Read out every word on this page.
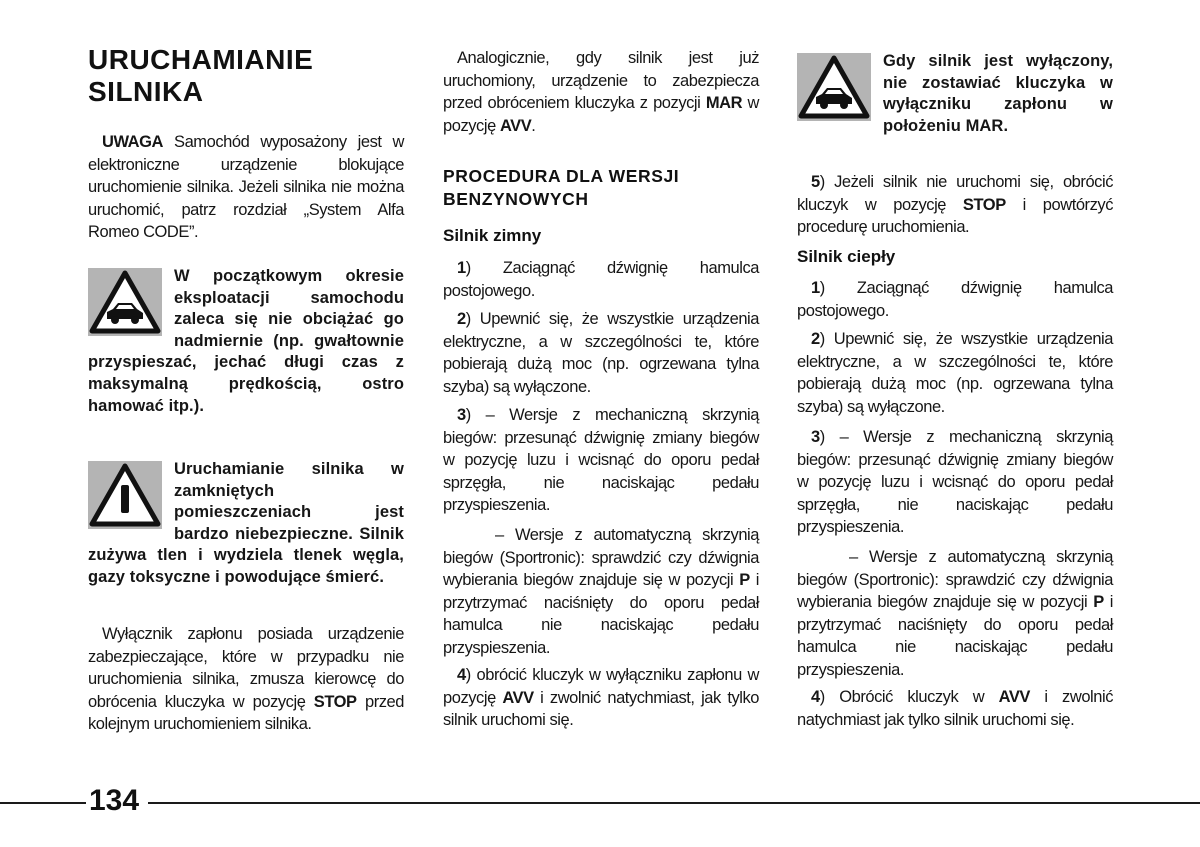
URUCHAMIANIE
SILNIKA

UWAGA Samochód wyposażony jest w elektroniczne urządzenie blokujące uruchomienie silnika. Jeżeli silnika nie można uruchomić, patrz rozdział „System Alfa Romeo CODE”.

W początkowym okresie eksploatacji samochodu zaleca się nie obciążać go nadmiernie (np. gwałtownie przyspieszać, jechać długi czas z maksymalną prędkością, ostro hamować itp.).

Uruchamianie silnika w zamkniętych pomieszczeniach jest bardzo niebezpieczne. Silnik zużywa tlen i wydziela tlenek węgla, gazy toksyczne i powodujące śmierć.

Wyłącznik zapłonu posiada urządzenie zabezpieczające, które w przypadku nie uruchomienia silnika, zmusza kierowcę do obrócenia kluczyka w pozycję STOP przed kolejnym uruchomieniem silnika.

Analogicznie, gdy silnik jest już uruchomiony, urządzenie to zabezpiecza przed obróceniem kluczyka z pozycji MAR w pozycję AVV.

PROCEDURA DLA WERSJI
BENZYNOWYCH
Silnik zimny

1) Zaciągnąć dźwignię hamulca postojowego.

2) Upewnić się, że wszystkie urządzenia elektryczne, a w szczególności te, które pobierają dużą moc (np. ogrzewana tylna szyba) są wyłączone.

3) – Wersje z mechaniczną skrzynią biegów: przesunąć dźwignię zmiany biegów w pozycję luzu i wcisnąć do oporu pedał sprzęgła, nie naciskając pedału przyspieszenia.

– Wersje z automatyczną skrzynią biegów (Sportronic): sprawdzić czy dźwignia wybierania biegów znajduje się w pozycji P i przytrzymać naciśnięty do oporu pedał hamulca nie naciskając pedału przyspieszenia.

4) obrócić kluczyk w wyłączniku zapłonu w pozycję AVV i zwolnić natychmiast, jak tylko silnik uruchomi się.

Gdy silnik jest wyłączony, nie zostawiać kluczyka w wyłączniku zapłonu w położeniu MAR.

5) Jeżeli silnik nie uruchomi się, obrócić kluczyk w pozycję STOP i powtórzyć procedurę uruchomienia.

Silnik ciepły

1) Zaciągnąć dźwignię hamulca postojowego.

2) Upewnić się, że wszystkie urządzenia elektryczne, a w szczególności te, które pobierają dużą moc (np. ogrzewana tylna szyba) są wyłączone.

3) – Wersje z mechaniczną skrzynią biegów: przesunąć dźwignię zmiany biegów w pozycję luzu i wcisnąć do oporu pedał sprzęgła, nie naciskając pedału przyspieszenia.

– Wersje z automatyczną skrzynią biegów (Sportronic): sprawdzić czy dźwignia wybierania biegów znajduje się w pozycji P i przytrzymać naciśnięty do oporu pedał hamulca nie naciskając pedału przyspieszenia.

4) Obrócić kluczyk w AVV i zwolnić natychmiast jak tylko silnik uruchomi się.

134
